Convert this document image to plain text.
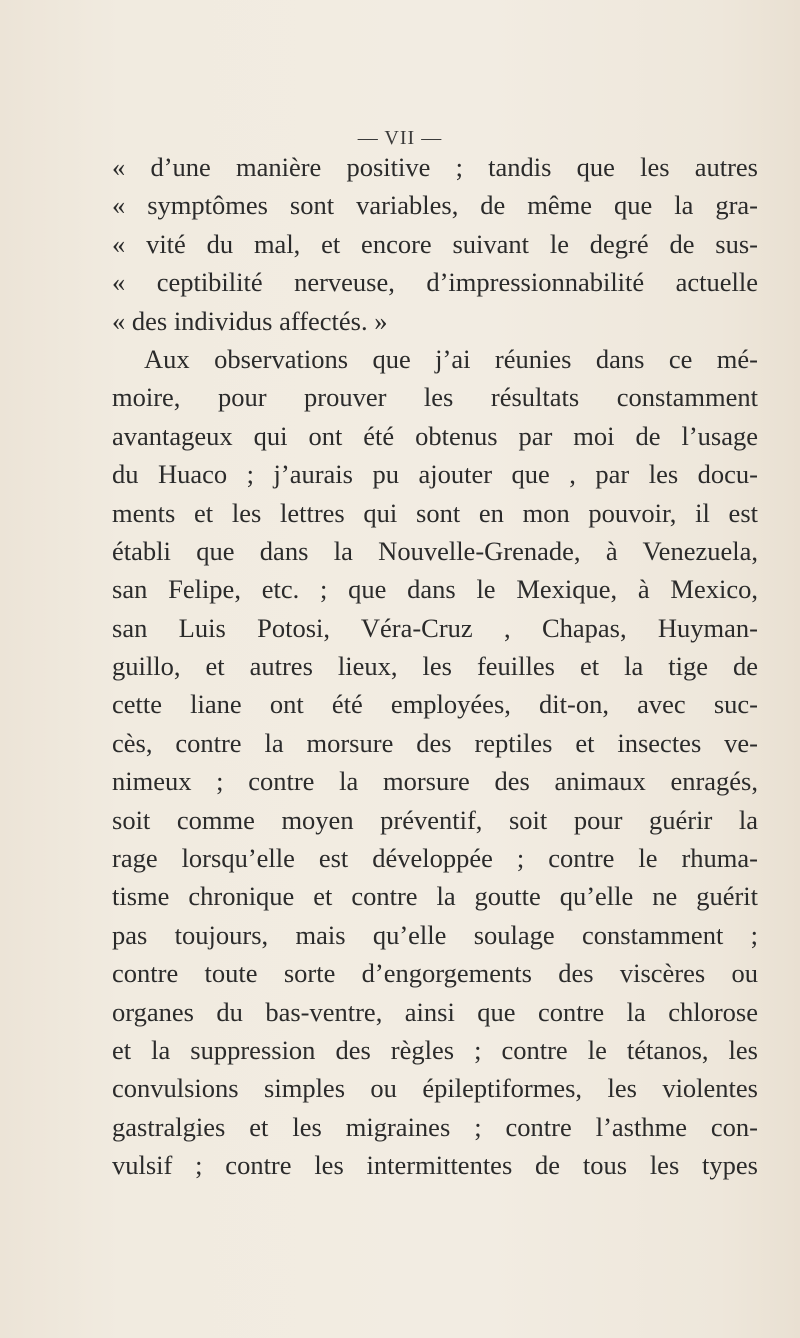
— VII —
« d’une manière positive ; tandis que les autres
« symptômes sont variables, de même que la gra-
« vité du mal, et encore suivant le degré de sus-
« ceptibilité nerveuse, d’impressionnabilité actuelle
« des individus affectés. »
Aux observations que j’ai réunies dans ce mé-
moire, pour prouver les résultats constamment
avantageux qui ont été obtenus par moi de l’usage
du Huaco ; j’aurais pu ajouter que , par les docu-
ments et les lettres qui sont en mon pouvoir, il est
établi que dans la Nouvelle-Grenade, à Venezuela,
san Felipe, etc. ; que dans le Mexique, à Mexico,
san Luis Potosi, Véra-Cruz , Chapas, Huyman-
guillo, et autres lieux, les feuilles et la tige de
cette liane ont été employées, dit-on, avec suc-
cès, contre la morsure des reptiles et insectes ve-
nimeux ; contre la morsure des animaux enragés,
soit comme moyen préventif, soit pour guérir la
rage lorsqu’elle est développée ; contre le rhuma-
tisme chronique et contre la goutte qu’elle ne guérit
pas toujours, mais qu’elle soulage constamment ;
contre toute sorte d’engorgements des viscères ou
organes du bas-ventre, ainsi que contre la chlorose
et la suppression des règles ; contre le tétanos, les
convulsions simples ou épileptiformes, les violentes
gastralgies et les migraines ; contre l’asthme con-
vulsif ; contre les intermittentes de tous les types
